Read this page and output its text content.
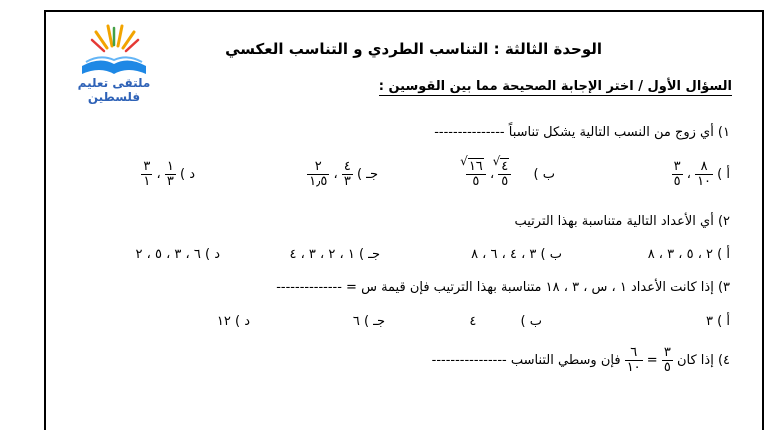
ملتقى تعليم فلسطين
الوحدة الثالثة : التناسب الطردي و التناسب العكسي
السؤال الأول / اختر الإجابة الصحيحة مما بين القوسين :
١) أي زوج من النسب التالية يشكل تناسباً ---------------
أ )
$\frac{٨}{١٠}$
،
$\frac{٣}{٥}$
ب )
√ $\frac{٤}{٥}$
،
√ $\frac{١٦}{٥}$
جـ )
$\frac{٤}{٣}$
،
$\frac{٢}{١٫٥}$
د )
$\frac{١}{٣}$
،
$\frac{٣}{١}$
٢) أي الأعداد التالية متناسبة بهذا الترتيب
أ ) ٢ ، ٥ ، ٣ ، ٨
ب ) ٣ ، ٤ ، ٦ ، ٨
جـ ) ١ ، ٢ ، ٣ ، ٤
د ) ٦ ، ٣ ، ٥ ، ٢
٣) إذا كانت الأعداد ١ ، س ، ٣ ، ١٨ متناسبة بهذا الترتيب فإن قيمة س = --------------
أ ) ٣
ب ) ٤
جـ ) ٦
د ) ١٢
٤) إذا كان
$\frac{٣}{٥}$
=
$\frac{٦}{١٠}$
فإن وسطي التناسب ----------------
